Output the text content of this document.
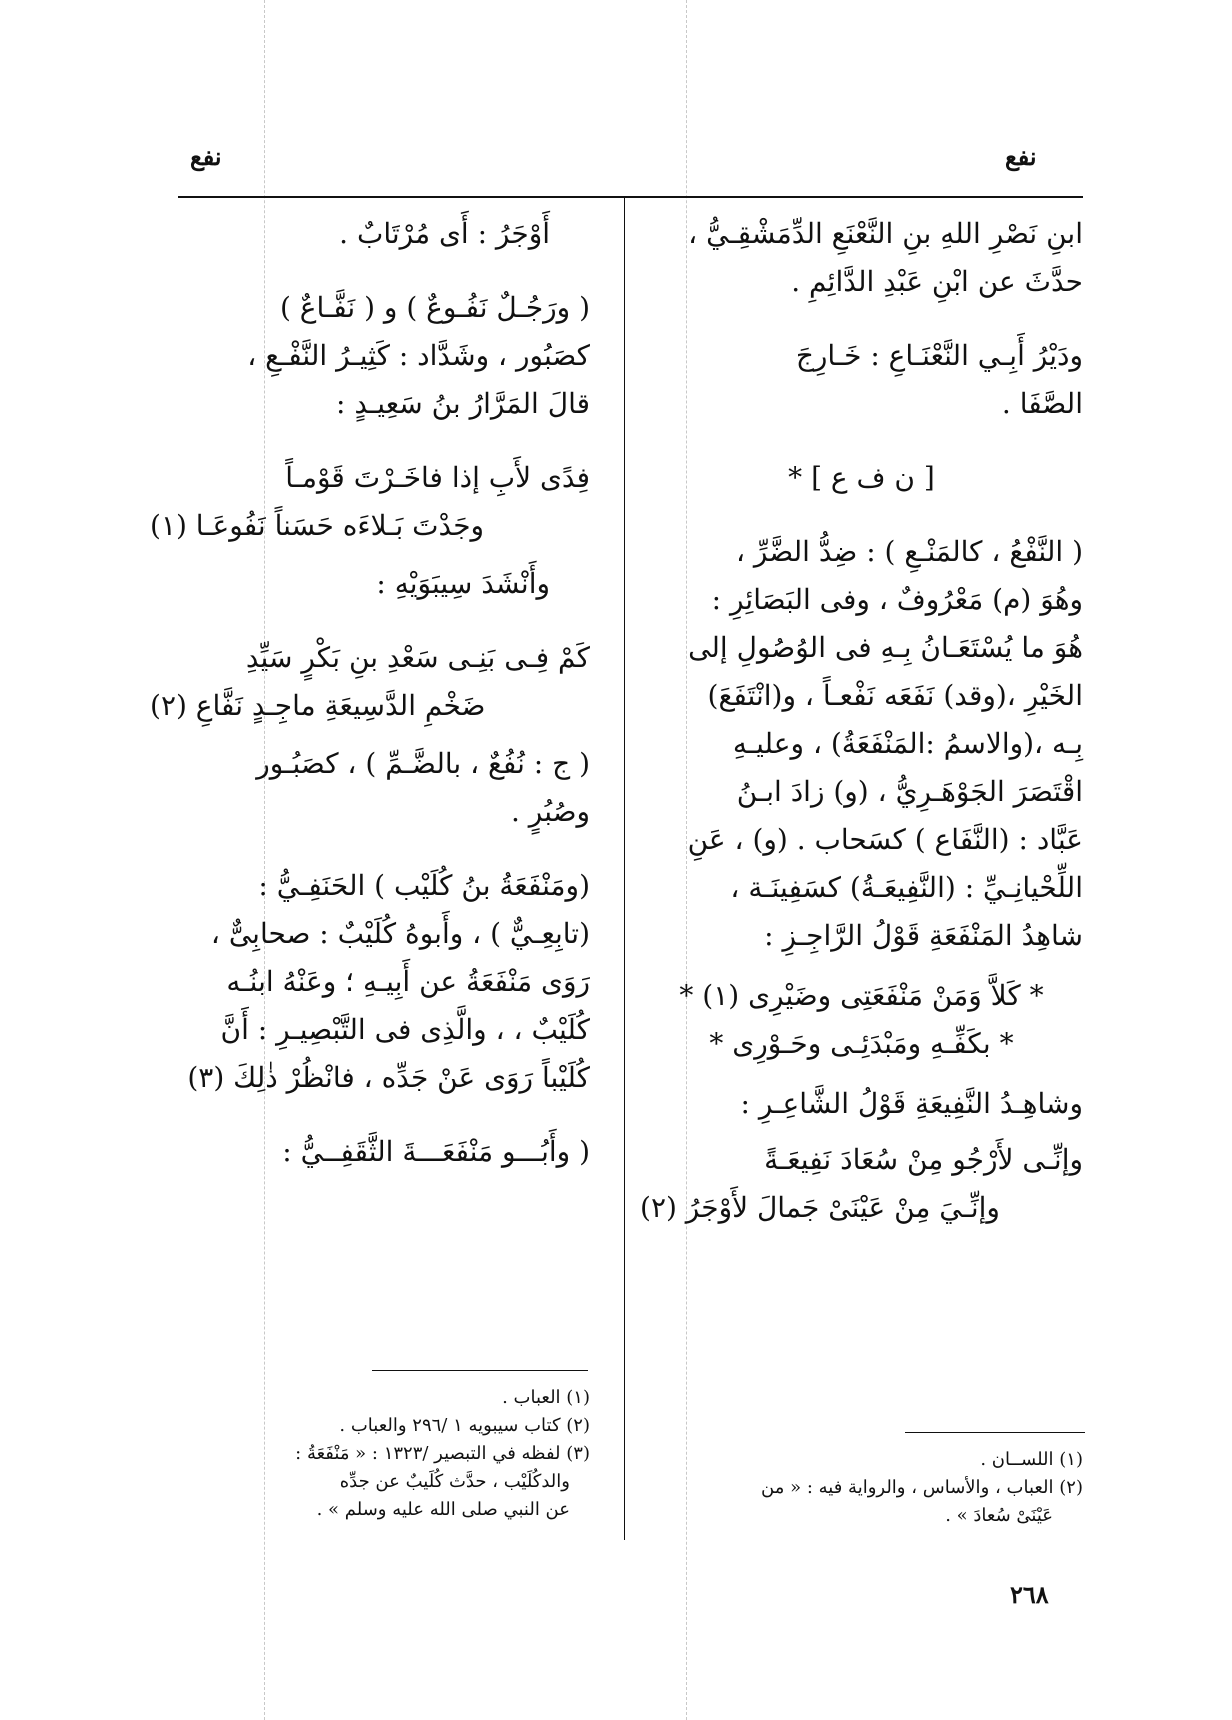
نفع
نفع

ابنِ نَصْرِ اللهِ بنِ النَّعْنَعِ الدِّمَشْقِـيُّ ،

حدَّثَ عن ابْنِ عَبْدِ الدَّائِمِ .

ودَيْرُ أَبِـي النَّعْنَـاعِ : خَـارِجَ

الصَّفَا .

[ ن ف ع ] *

( النَّفْعُ ، كالمَنْـعِ ) : ضِدُّ الضَّرِّ ،

وهُوَ (م) مَعْرُوفٌ ، وفى البَصَائِرِ :

هُوَ ما يُسْتَعَـانُ بِـهِ فى الوُصُولِ إلى

الخَيْرِ ،(وقد) نَفَعَه نَفْعـاً ، و(انْتَفَعَ)

بِـه ،(والاسمُ :المَنْفَعَةُ) ، وعليـهِ

اقْتَصَرَ الجَوْهَـرِيُّ ، (و) زادَ ابـنُ

عَبَّاد : (النَّفَاع ) كسَحاب . (و) ، عَنِ

اللِّحْيانِـيِّ : (النَّفِيعَـةُ) كسَفِينَـة ،

شاهِدُ المَنْفَعَةِ قَوْلُ الرَّاجِـزِ :

* كَلاَّ وَمَنْ مَنْفَعَتِى وضَيْرِى (١) *

* بكَفِّـهِ ومَبْدَئِـى وحَـوْرِى *

وشاهِـدُ النَّفِيعَةِ قَوْلُ الشَّاعِـرِ :

وإنِّـى لأَرْجُو مِنْ سُعَادَ نَفِيعَـةً

وإنِّـيَ مِنْ عَيْنَىْ جَمالَ لأَوْجَرُ (٢)

(١) اللســان .

(٢) العباب ، والأساس ، والرواية فيه : « من

عَيْنَىْ سُعادَ » .

أَوْجَرُ : أَى مُرْتَابٌ .

( ورَجُـلٌ نَفُـوعٌ ) و ( نَفَّـاعٌ )

كصَبُور ، وشَدَّاد : كَثِيـرُ النَّفْـعِ ،

قالَ المَرَّارُ بنُ سَعِيـدٍ :

فِدًى لأَبِ إذا فاخَـرْتَ قَوْمـاً

وجَدْتَ بَـلاءَه حَسَناً نَفُوعَـا (١)

وأَنْشَدَ سِيبَوَيْهِ :

كَمْ فِـى بَنِـى سَعْدِ بنِ بَكْرٍ سَيِّدِ

ضَخْمِ الدَّسِيعَةِ ماجِـدٍ نَفَّاعِ (٢)

( ج : نُفُعٌ ، بالضَّـمِّ ) ، كصَبُـور

وصُبُرٍ .

(ومَنْفَعَةُ بنُ كُلَيْب ) الحَنَفِـيُّ :

(تابِعِـيٌّ ) ، وأَبوهُ كُلَيْبٌ : صحابِىٌّ ،

رَوَى مَنْفَعَةُ عن أَبِيـهِ ؛ وعَنْهُ ابنُـه

كُلَيْبٌ ، ، والَّذِى فى التَّبْصِيـرِ : أَنَّ

كُلَيْباً رَوَى عَنْ جَدِّه ، فانْظُرْ ذٰلِكَ (٣)

( وأَبُـــو مَنْفَعَـــةَ الثَّقَفِــيُّ :

(١) العباب .

(٢) كتاب سيبويه ١ /٢٩٦ والعباب .

(٣) لفظه في التبصير /١٣٢٣ : « مَنْفَعَةُ :

والدكُلَيْب ، حدَّث كُلَيبٌ عن جدِّه

عن النبي صلى الله عليه وسلم » .

٢٦٨
